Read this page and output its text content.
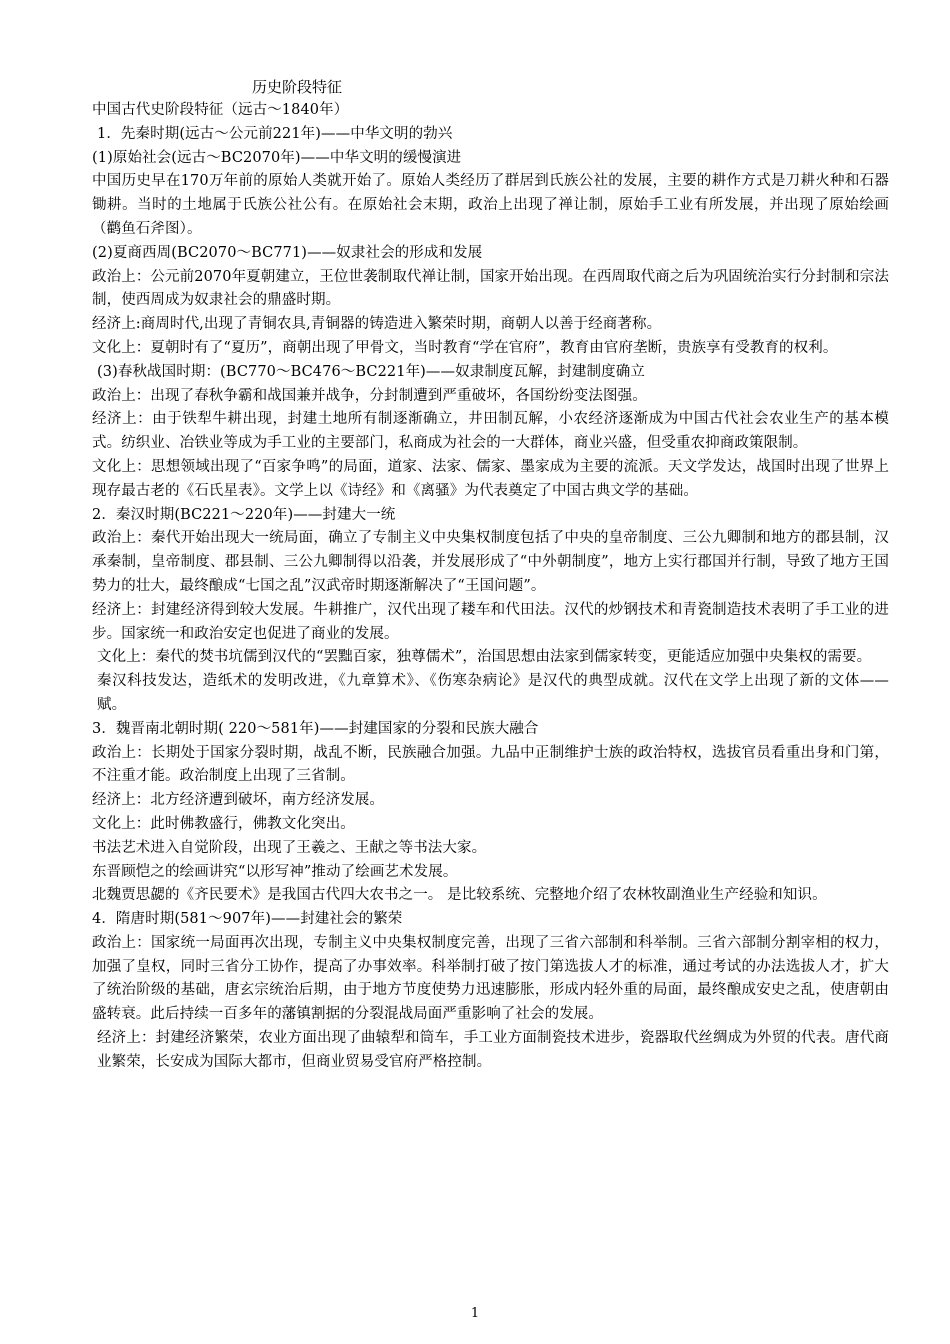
历史阶段特征

中国古代史阶段特征（远古～1840年）

1．先秦时期(远古～公元前221年)——中华文明的勃兴

(1)原始社会(远古～BC2070年)——中华文明的缓慢演进

中国历史早在170万年前的原始人类就开始了。原始人类经历了群居到氏族公社的发展，主要的耕作方式是刀耕火种和石器锄耕。当时的土地属于氏族公社公有。在原始社会末期，政治上出现了禅让制，原始手工业有所发展，并出现了原始绘画（鹳鱼石斧图）。

(2)夏商西周(BC2070～BC771)——奴隶社会的形成和发展

政治上：公元前2070年夏朝建立，王位世袭制取代禅让制，国家开始出现。在西周取代商之后为巩固统治实行分封制和宗法制，使西周成为奴隶社会的鼎盛时期。

经济上:商周时代,出现了青铜农具,青铜器的铸造进入繁荣时期，商朝人以善于经商著称。

文化上：夏朝时有了“夏历”，商朝出现了甲骨文，当时教育“学在官府”，教育由官府垄断，贵族享有受教育的权利。

(3)春秋战国时期：(BC770～BC476～BC221年)——奴隶制度瓦解，封建制度确立

政治上：出现了春秋争霸和战国兼并战争，分封制遭到严重破坏，各国纷纷变法图强。

经济上：由于铁犁牛耕出现，封建土地所有制逐渐确立，井田制瓦解，小农经济逐渐成为中国古代社会农业生产的基本模式。纺织业、冶铁业等成为手工业的主要部门，私商成为社会的一大群体，商业兴盛，但受重农抑商政策限制。

文化上：思想领域出现了“百家争鸣”的局面，道家、法家、儒家、墨家成为主要的流派。天文学发达，战国时出现了世界上现存最古老的《石氏星表》。文学上以《诗经》和《离骚》为代表奠定了中国古典文学的基础。

2．秦汉时期(BC221～220年)——封建大一统

政治上：秦代开始出现大一统局面，确立了专制主义中央集权制度包括了中央的皇帝制度、三公九卿制和地方的郡县制，汉承秦制，皇帝制度、郡县制、三公九卿制得以沿袭，并发展形成了“中外朝制度”，地方上实行郡国并行制，导致了地方王国势力的壮大，最终酿成“七国之乱”汉武帝时期逐渐解决了“王国问题”。

经济上：封建经济得到较大发展。牛耕推广，汉代出现了耧车和代田法。汉代的炒钢技术和青瓷制造技术表明了手工业的进步。国家统一和政治安定也促进了商业的发展。

文化上：秦代的焚书坑儒到汉代的“罢黜百家，独尊儒术”，治国思想由法家到儒家转变，更能适应加强中央集权的需要。

秦汉科技发达，造纸术的发明改进，《九章算术》、《伤寒杂病论》是汉代的典型成就。汉代在文学上出现了新的文体——赋。

3．魏晋南北朝时期( 220～581年)——封建国家的分裂和民族大融合

政治上：长期处于国家分裂时期，战乱不断，民族融合加强。九品中正制维护士族的政治特权，选拔官员看重出身和门第，不注重才能。政治制度上出现了三省制。

经济上：北方经济遭到破坏，南方经济发展。

文化上：此时佛教盛行，佛教文化突出。

书法艺术进入自觉阶段，出现了王羲之、王献之等书法大家。

东晋顾恺之的绘画讲究“以形写神”推动了绘画艺术发展。

北魏贾思勰的《齐民要术》是我国古代四大农书之一。 是比较系统、完整地介绍了农林牧副渔业生产经验和知识。

4．隋唐时期(581～907年)——封建社会的繁荣

政治上：国家统一局面再次出现，专制主义中央集权制度完善，出现了三省六部制和科举制。三省六部制分割宰相的权力，加强了皇权，同时三省分工协作，提高了办事效率。科举制打破了按门第选拔人才的标准，通过考试的办法选拔人才，扩大了统治阶级的基础，唐玄宗统治后期，由于地方节度使势力迅速膨胀，形成内轻外重的局面，最终酿成安史之乱，使唐朝由盛转衰。此后持续一百多年的藩镇割据的分裂混战局面严重影响了社会的发展。

经济上：封建经济繁荣，农业方面出现了曲辕犁和筒车，手工业方面制瓷技术进步，瓷器取代丝绸成为外贸的代表。唐代商业繁荣，长安成为国际大都市，但商业贸易受官府严格控制。

1
